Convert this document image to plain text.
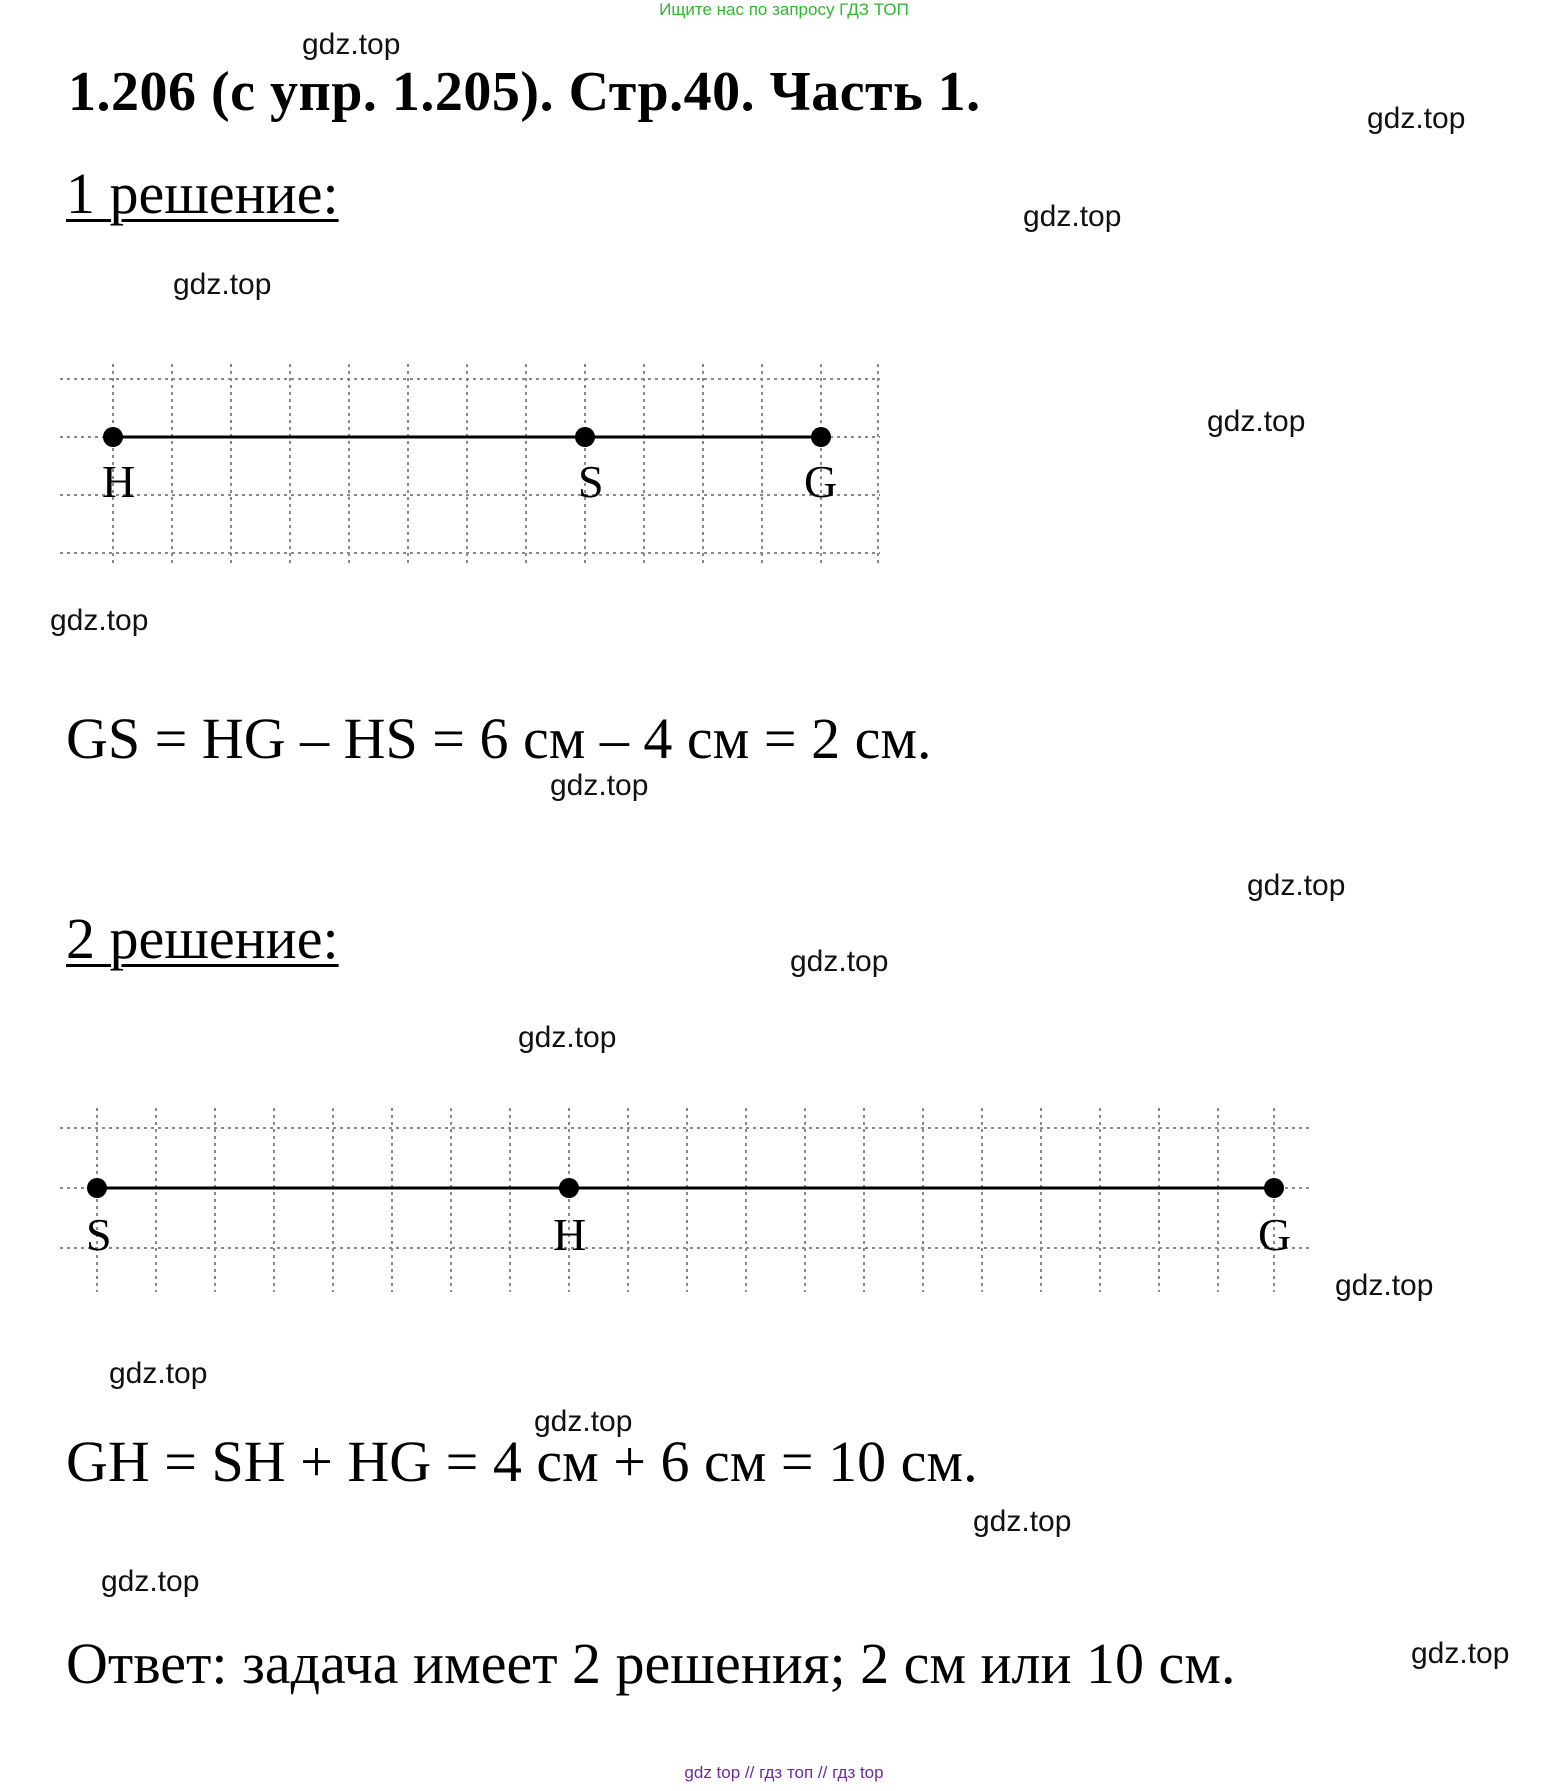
Ищите нас по запросу ГДЗ ТОП
1.206 (с упр. 1.205). Стр.40. Часть 1.
1 решение:
H	S	G
GS = HG – HS = 6 см – 4 см = 2 см.
2 решение:
S	H	G
GH = SH + HG = 4 см + 6 см = 10 см.
Ответ: задача имеет 2 решения; 2 см или 10 см.
gdz.top
gdz.top
gdz.top
gdz.top
gdz.top
gdz.top
gdz.top
gdz.top
gdz.top
gdz.top
gdz.top
gdz.top
gdz.top
gdz.top
gdz.top
gdz.top
gdz top // гдз топ // гдз top
